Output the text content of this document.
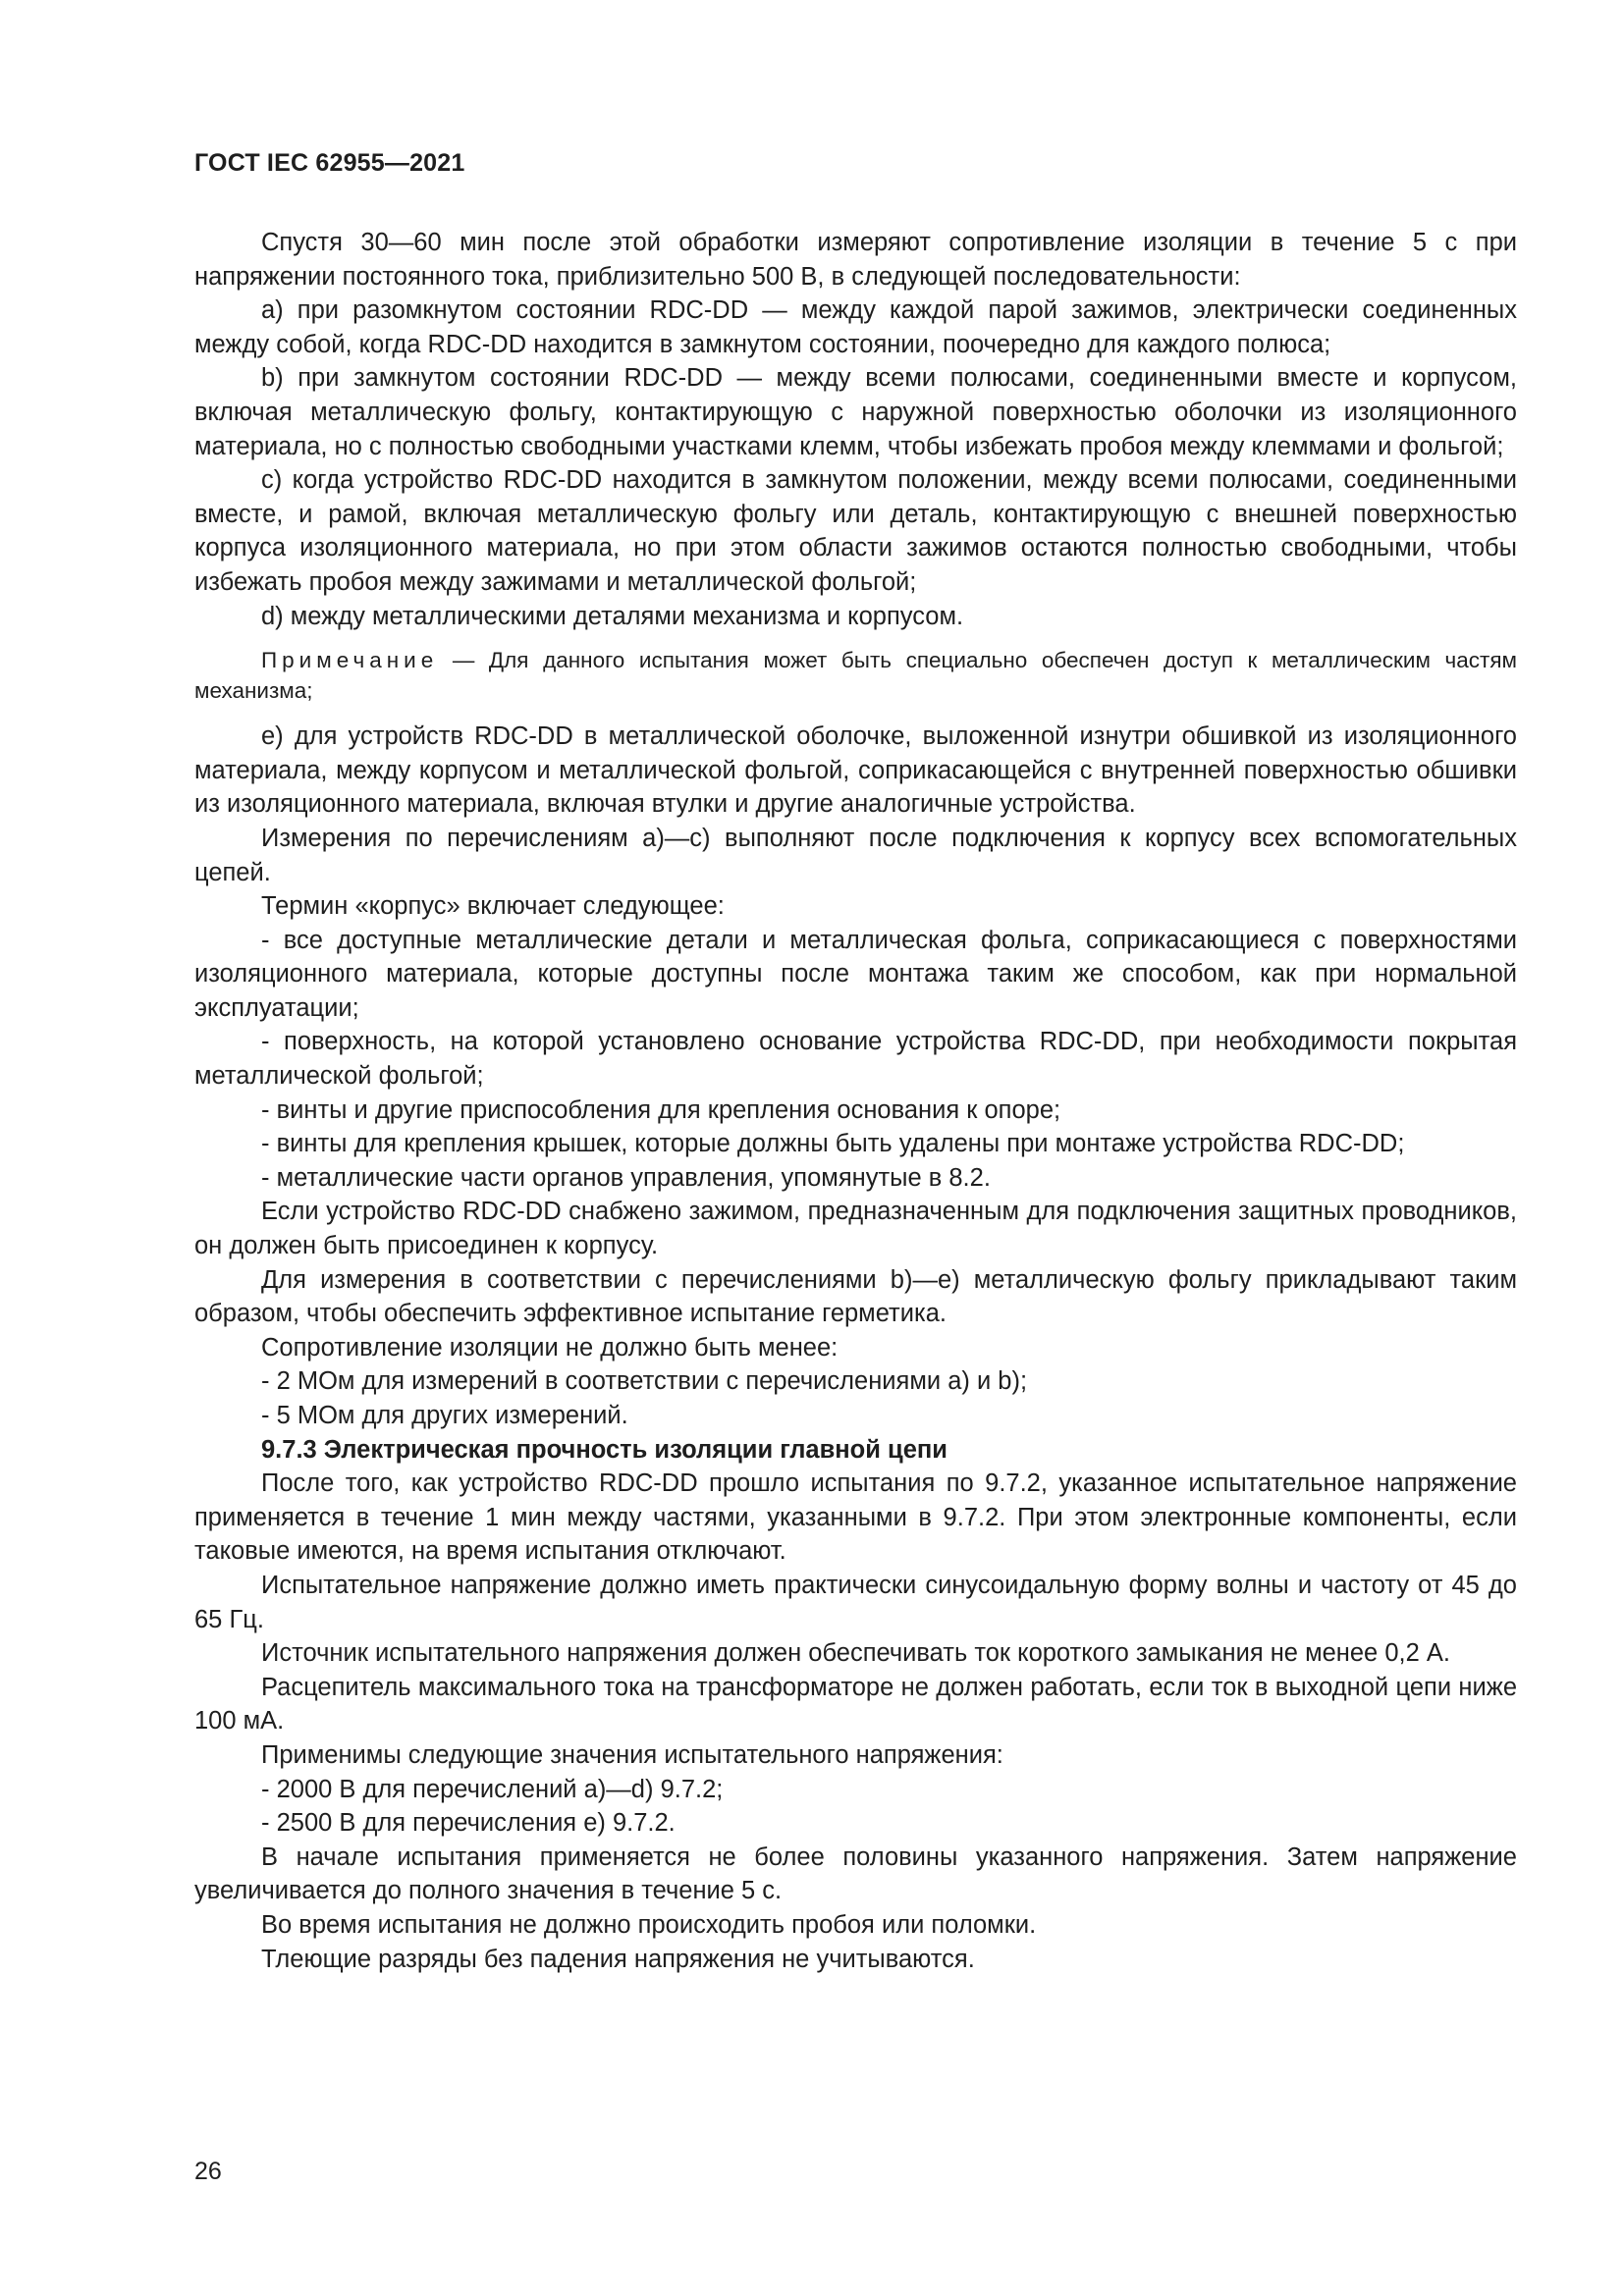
ГОСТ IEC 62955—2021

Спустя 30—60 мин после этой обработки измеряют сопротивление изоляции в течение 5 с при напряжении постоянного тока, приблизительно 500 В, в следующей последовательности:

a) при разомкнутом состоянии RDC-DD — между каждой парой зажимов, электрически соединенных между собой, когда RDC-DD находится в замкнутом состоянии, поочередно для каждого полюса;

b) при замкнутом состоянии RDC-DD — между всеми полюсами, соединенными вместе и корпусом, включая металлическую фольгу, контактирующую с наружной поверхностью оболочки из изоляционного материала, но с полностью свободными участками клемм, чтобы избежать пробоя между клеммами и фольгой;

c) когда устройство RDC-DD находится в замкнутом положении, между всеми полюсами, соединенными вместе, и рамой, включая металлическую фольгу или деталь, контактирующую с внешней поверхностью корпуса изоляционного материала, но при этом области зажимов остаются полностью свободными, чтобы избежать пробоя между зажимами и металлической фольгой;

d) между металлическими деталями механизма и корпусом.

Примечание — Для данного испытания может быть специально обеспечен доступ к металлическим частям механизма;

e) для устройств RDC-DD в металлической оболочке, выложенной изнутри обшивкой из изоляционного материала, между корпусом и металлической фольгой, соприкасающейся с внутренней поверхностью обшивки из изоляционного материала, включая втулки и другие аналогичные устройства.

Измерения по перечислениям a)—c) выполняют после подключения к корпусу всех вспомогательных цепей.

Термин «корпус» включает следующее:

- все доступные металлические детали и металлическая фольга, соприкасающиеся с поверхностями изоляционного материала, которые доступны после монтажа таким же способом, как при нормальной эксплуатации;

- поверхность, на которой установлено основание устройства RDC-DD, при необходимости покрытая металлической фольгой;

- винты и другие приспособления для крепления основания к опоре;

- винты для крепления крышек, которые должны быть удалены при монтаже устройства RDC-DD;

- металлические части органов управления, упомянутые в 8.2.

Если устройство RDC-DD снабжено зажимом, предназначенным для подключения защитных проводников, он должен быть присоединен к корпусу.

Для измерения в соответствии с перечислениями b)—e) металлическую фольгу прикладывают таким образом, чтобы обеспечить эффективное испытание герметика.

Сопротивление изоляции не должно быть менее:

- 2 МОм для измерений в соответствии с перечислениями a) и b);

- 5 МОм для других измерений.

9.7.3 Электрическая прочность изоляции главной цепи

После того, как устройство RDC-DD прошло испытания по 9.7.2, указанное испытательное напряжение применяется в течение 1 мин между частями, указанными в 9.7.2. При этом электронные компоненты, если таковые имеются, на время испытания отключают.

Испытательное напряжение должно иметь практически синусоидальную форму волны и частоту от 45 до 65 Гц.

Источник испытательного напряжения должен обеспечивать ток короткого замыкания не менее 0,2 А.

Расцепитель максимального тока на трансформаторе не должен работать, если ток в выходной цепи ниже 100 мА.

Применимы следующие значения испытательного напряжения:

- 2000 В для перечислений a)—d) 9.7.2;

- 2500 В для перечисления e) 9.7.2.

В начале испытания применяется не более половины указанного напряжения. Затем напряжение увеличивается до полного значения в течение 5 с.

Во время испытания не должно происходить пробоя или поломки.

Тлеющие разряды без падения напряжения не учитываются.

26
